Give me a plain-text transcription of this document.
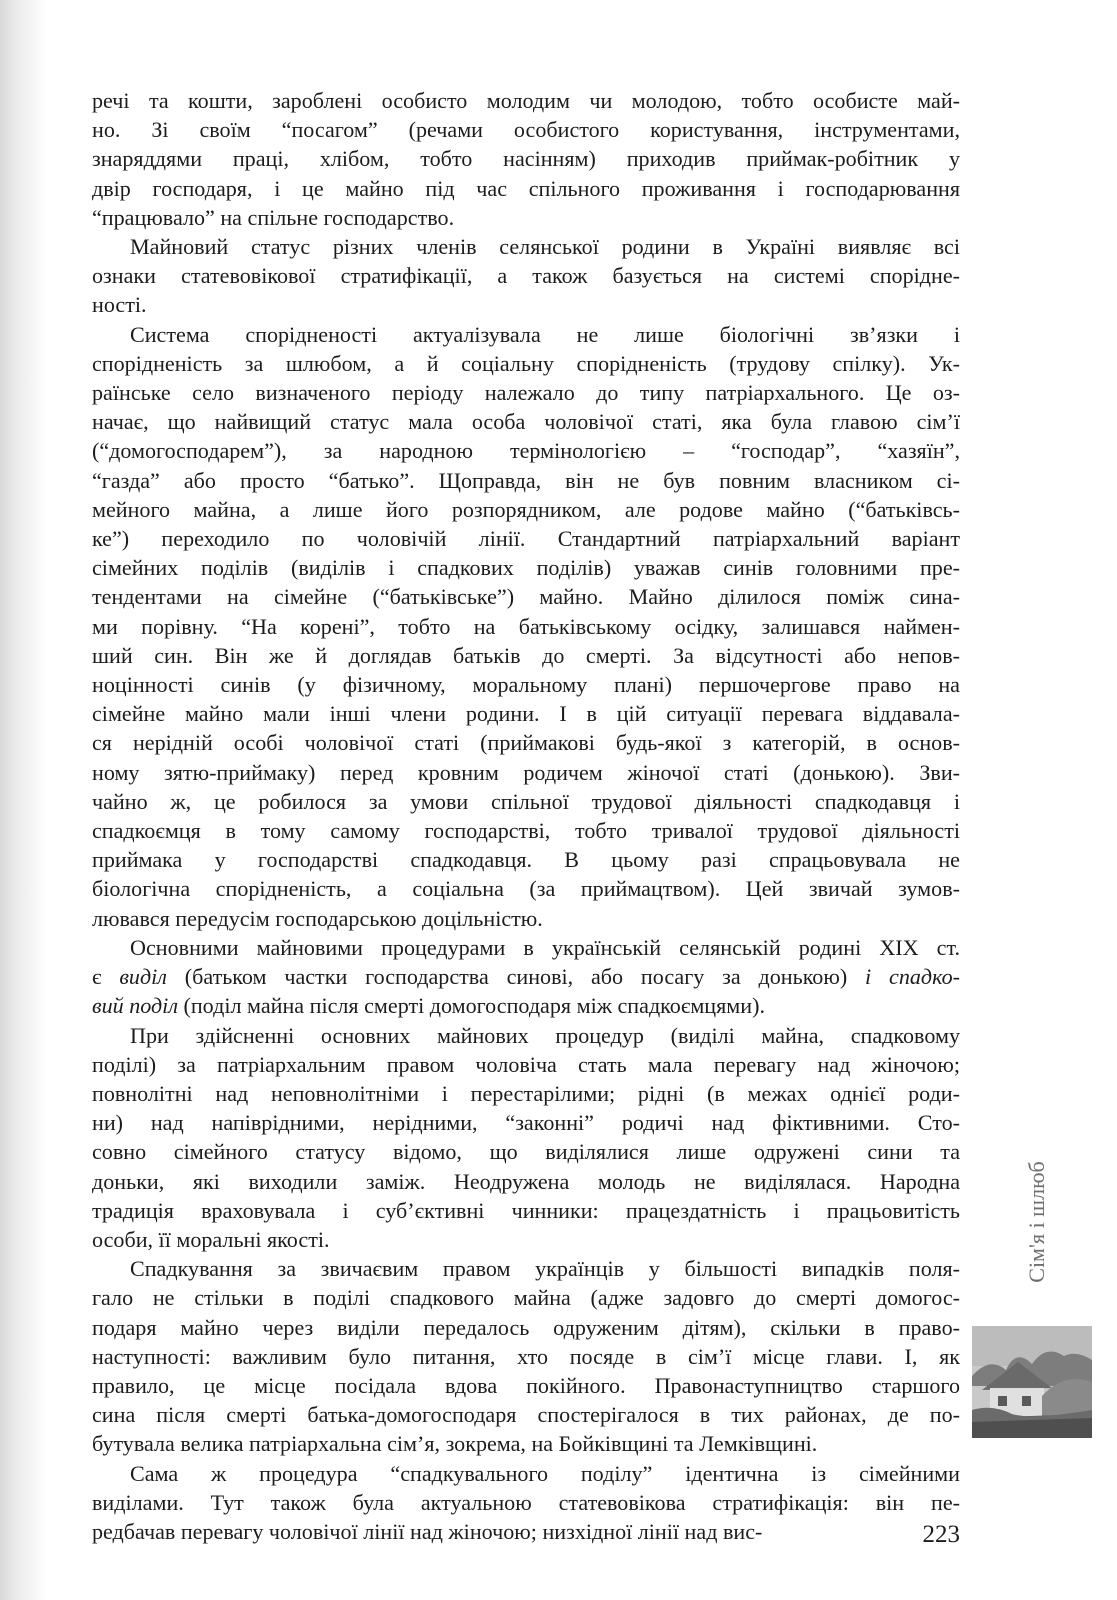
речі та кошти, зароблені особисто молодим чи молодою, тобто особисте май-
но. Зі своїм “посагом” (речами особистого користування, інструментами,
знаряддями праці, хлібом, тобто насінням) приходив приймак-робітник у
двір господаря, і це майно під час спільного проживання і господарювання
“працювало” на спільне господарство.
Майновий статус різних членів селянської родини в Україні виявляє всі
ознаки статевовікової стратифікації, а також базується на системі спорідне-
ності.
Система спорідненості актуалізувала не лише біологічні зв’язки і
спорідненість за шлюбом, а й соціальну спорідненість (трудову спілку). Ук-
раїнське село визначеного періоду належало до типу патріархального. Це оз-
начає, що найвищий статус мала особа чоловічої статі, яка була главою сім’ї
(“домогосподарем”), за народною термінологією – “господар”, “хазяїн”,
“газда” або просто “батько”. Щоправда, він не був повним власником сі-
мейного майна, а лише його розпорядником, але родове майно (“батьківсь-
ке”) переходило по чоловічій лінії. Стандартний патріархальний варіант
сімейних поділів (виділів і спадкових поділів) уважав синів головними пре-
тендентами на сімейне (“батьківське”) майно. Майно ділилося поміж сина-
ми порівну. “На корені”, тобто на батьківському осідку, залишався наймен-
ший син. Він же й доглядав батьків до смерті. За відсутності або непов-
ноцінності синів (у фізичному, моральному плані) першочергове право на
сімейне майно мали інші члени родини. І в цій ситуації перевага віддавала-
ся нерідній особі чоловічої статі (приймакові будь-якої з категорій, в основ-
ному зятю-приймаку) перед кровним родичем жіночої статі (донькою). Зви-
чайно ж, це робилося за умови спільної трудової діяльності спадкодавця і
спадкоємця в тому самому господарстві, тобто тривалої трудової діяльності
приймака у господарстві спадкодавця. В цьому разі спрацьовувала не
біологічна спорідненість, а соціальна (за приймацтвом). Цей звичай зумов-
лювався передусім господарською доцільністю.
Основними майновими процедурами в українській селянській родині ХІХ ст.
є виділ (батьком частки господарства синові, або посагу за донькою) і спадко-
вий поділ (поділ майна після смерті домогосподаря між спадкоємцями).
При здійсненні основних майнових процедур (виділі майна, спадковому
поділі) за патріархальним правом чоловіча стать мала перевагу над жіночою;
повнолітні над неповнолітніми і перестарілими; рідні (в межах однієї роди-
ни) над напіврідними, нерідними, “законні” родичі над фіктивними. Сто-
совно сімейного статусу відомо, що виділялися лише одружені сини та
доньки, які виходили заміж. Неодружена молодь не виділялася. Народна
традиція враховувала і суб’єктивні чинники: працездатність і працьовитість
особи, її моральні якості.
Спадкування за звичаєвим правом українців у більшості випадків поля-
гало не стільки в поділі спадкового майна (адже задовго до смерті домогос-
подаря майно через виділи передалось одруженим дітям), скільки в право-
наступності: важливим було питання, хто посяде в сім’ї місце глави. І, як
правило, це місце посідала вдова покійного. Правонаступництво старшого
сина після смерті батька-домогосподаря спостерігалося в тих районах, де по-
бутувала велика патріархальна сім’я, зокрема, на Бойківщині та Лемківщині.
Сама ж процедура “спадкувального поділу” ідентична із сімейними
виділами. Тут також була актуальною статевовікова стратифікація: він пе-
редбачав перевагу чоловічої лінії над жіночою; низхідної лінії над вис-
Сім'я і шлюб
223
